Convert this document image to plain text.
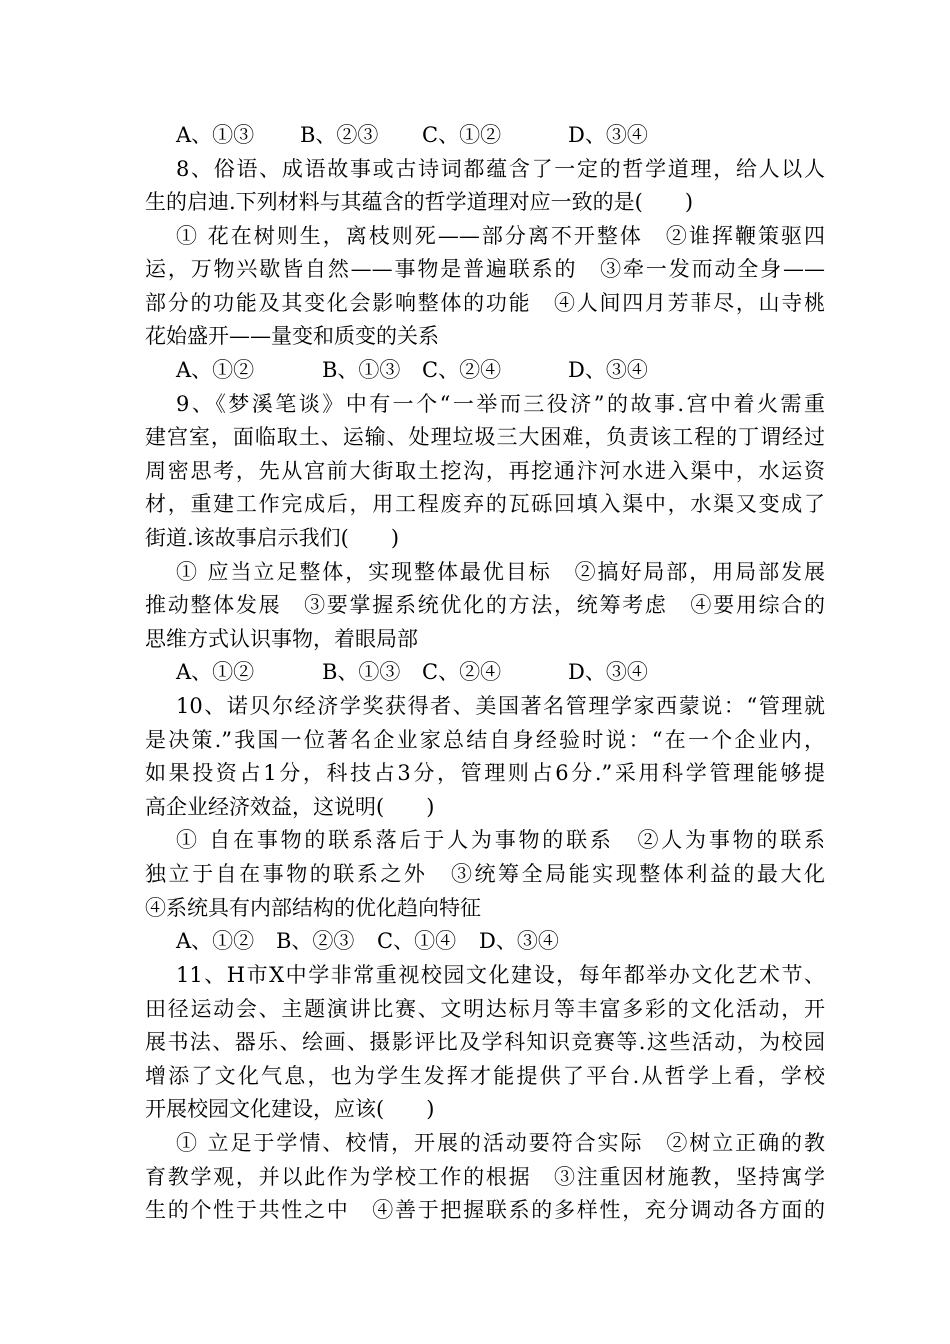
A、①③ B、②③ C、①②	D、③④
8、俗语、成语故事或古诗词都蕴含了一定的哲学道理，给人以人
生的启迪.下列材料与其蕴含的哲学道理对应一致的是(　　)
① 花在树则生，离枝则死——部分离不开整体　②谁挥鞭策驱四
运，万物兴歇皆自然——事物是普遍联系的　③牵一发而动全身——
部分的功能及其变化会影响整体的功能　④人间四月芳菲尽，山寺桃
花始盛开——量变和质变的关系
A、①②	B、①③ C、②④	D、③④
9、《梦溪笔谈》中有一个“一举而三役济”的故事.宫中着火需重
建宫室，面临取土、运输、处理垃圾三大困难，负责该工程的丁谓经过
周密思考，先从宫前大街取土挖沟，再挖通汴河水进入渠中，水运资
材，重建工作完成后，用工程废弃的瓦砾回填入渠中，水渠又变成了
街道.该故事启示我们(　　)
① 应当立足整体，实现整体最优目标　②搞好局部，用局部发展
推动整体发展　③要掌握系统优化的方法，统筹考虑　④要用综合的
思维方式认识事物，着眼局部
A、①②	B、①③ C、②④	D、③④
10、诺贝尔经济学奖获得者、美国著名管理学家西蒙说：“管理就
是决策.”我国一位著名企业家总结自身经验时说：“在一个企业内，
如果投资占1分，科技占3分，管理则占6分.”采用科学管理能够提
高企业经济效益，这说明(　　)
① 自在事物的联系落后于人为事物的联系　②人为事物的联系
独立于自在事物的联系之外　③统筹全局能实现整体利益的最大化
④系统具有内部结构的优化趋向特征
A、①② B、②③ C、①④ D、③④
11、H市X中学非常重视校园文化建设，每年都举办文化艺术节、
田径运动会、主题演讲比赛、文明达标月等丰富多彩的文化活动，开
展书法、器乐、绘画、摄影评比及学科知识竞赛等.这些活动，为校园
增添了文化气息，也为学生发挥才能提供了平台.从哲学上看，学校
开展校园文化建设，应该(　　)
① 立足于学情、校情，开展的活动要符合实际　②树立正确的教
育教学观，并以此作为学校工作的根据　③注重因材施教，坚持寓学
生的个性于共性之中　④善于把握联系的多样性，充分调动各方面的
